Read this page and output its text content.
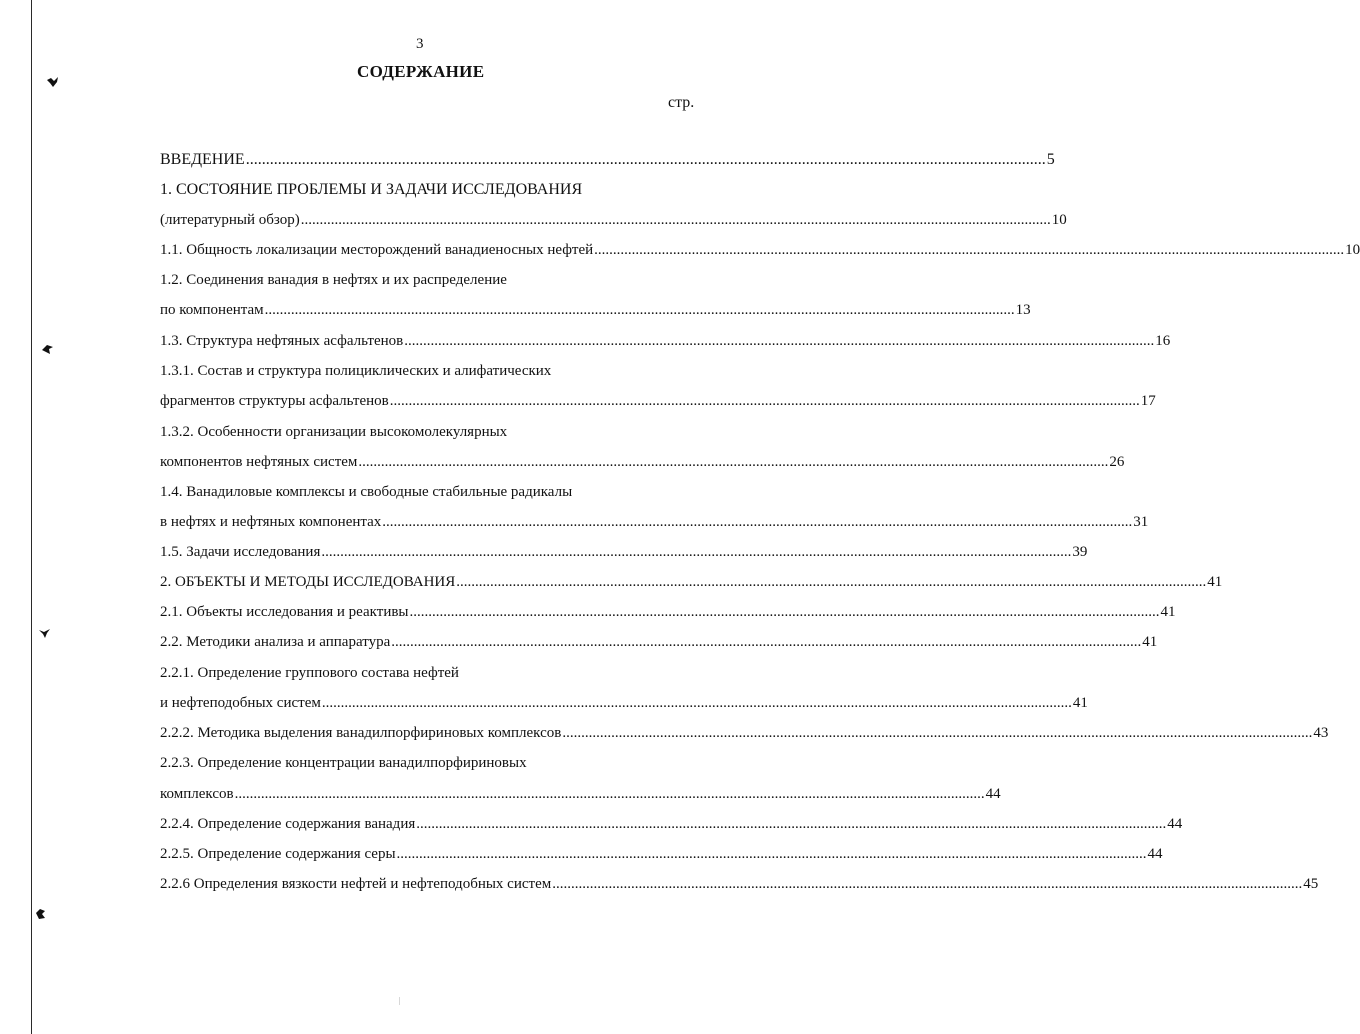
3
СОДЕРЖАНИЕ
стр.
ВВЕДЕНИЕ ........................................................................................................................................................................................................ 5
1. СОСТОЯНИЕ ПРОБЛЕМЫ И ЗАДАЧИ ИССЛЕДОВАНИЯ
(литературный обзор) ........................................................................................................................................................................................................ 10
1.1. Общность локализации месторождений ванадиеносных нефтей ........................................................................................................................................................................................................ 10
1.2. Соединения ванадия в нефтях и их распределение
по компонентам ........................................................................................................................................................................................................ 13
1.3. Структура нефтяных асфальтенов ........................................................................................................................................................................................................ 16
1.3.1. Состав и структура полициклических и алифатических
фрагментов структуры асфальтенов ........................................................................................................................................................................................................ 17
1.3.2. Особенности организации высокомолекулярных
компонентов нефтяных систем ........................................................................................................................................................................................................ 26
1.4. Ванадиловые комплексы и свободные стабильные радикалы
в нефтях и нефтяных компонентах ........................................................................................................................................................................................................ 31
1.5. Задачи исследования ........................................................................................................................................................................................................ 39
2. ОБЪЕКТЫ И МЕТОДЫ ИССЛЕДОВАНИЯ ........................................................................................................................................................................................................ 41
2.1. Объекты исследования и реактивы ........................................................................................................................................................................................................ 41
2.2. Методики анализа и аппаратура ........................................................................................................................................................................................................ 41
2.2.1. Определение группового состава нефтей
и нефтеподобных систем ........................................................................................................................................................................................................ 41
2.2.2. Методика выделения ванадилпорфириновых комплексов ........................................................................................................................................................................................................ 43
2.2.3. Определение концентрации ванадилпорфириновых
комплексов ........................................................................................................................................................................................................ 44
2.2.4. Определение содержания ванадия ........................................................................................................................................................................................................ 44
2.2.5. Определение содержания серы ........................................................................................................................................................................................................ 44
2.2.6 Определения вязкости нефтей и нефтеподобных систем ........................................................................................................................................................................................................ 45
